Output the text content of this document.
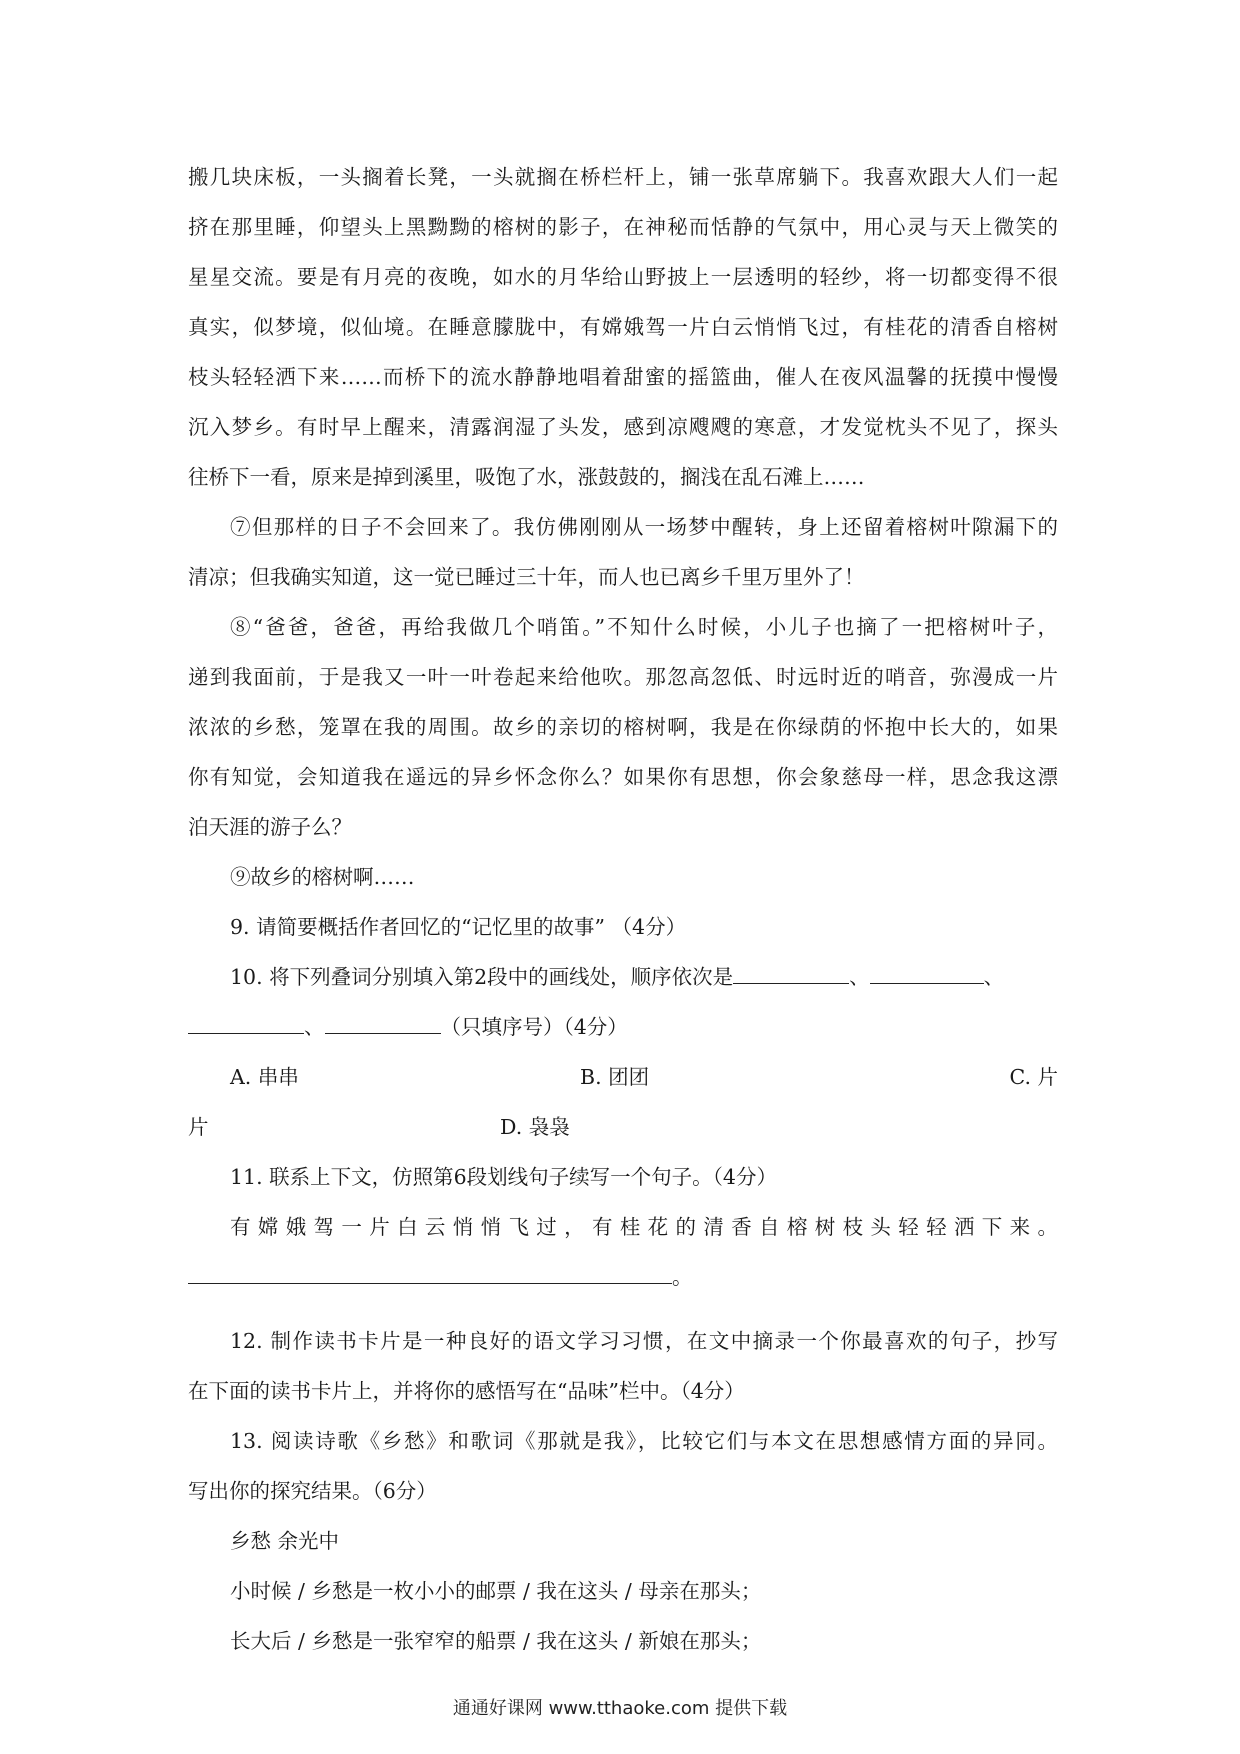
搬几块床板，一头搁着长凳，一头就搁在桥栏杆上，铺一张草席躺下。我喜欢跟大人们一起
挤在那里睡，仰望头上黑黝黝的榕树的影子，在神秘而恬静的气氛中，用心灵与天上微笑的
星星交流。要是有月亮的夜晚，如水的月华给山野披上一层透明的轻纱，将一切都变得不很
真实，似梦境，似仙境。在睡意朦胧中，有嫦娥驾一片白云悄悄飞过，有桂花的清香自榕树
枝头轻轻洒下来……而桥下的流水静静地唱着甜蜜的摇篮曲，催人在夜风温馨的抚摸中慢慢
沉入梦乡。有时早上醒来，清露润湿了头发，感到凉飕飕的寒意，才发觉枕头不见了，探头
往桥下一看，原来是掉到溪里，吸饱了水，涨鼓鼓的，搁浅在乱石滩上……
⑦但那样的日子不会回来了。我仿佛刚刚从一场梦中醒转，身上还留着榕树叶隙漏下的
清凉；但我确实知道，这一觉已睡过三十年，而人也已离乡千里万里外了！
⑧“爸爸，爸爸，再给我做几个哨笛。”不知什么时候，小儿子也摘了一把榕树叶子，
递到我面前，于是我又一叶一叶卷起来给他吹。那忽高忽低、时远时近的哨音，弥漫成一片
浓浓的乡愁，笼罩在我的周围。故乡的亲切的榕树啊，我是在你绿荫的怀抱中长大的，如果
你有知觉，会知道我在遥远的异乡怀念你么？如果你有思想，你会象慈母一样，思念我这漂
泊天涯的游子么？
⑨故乡的榕树啊……
9. 请简要概括作者回忆的“记忆里的故事” （4分）
10. 将下列叠词分别填入第2段中的画线处，顺序依次是	、	、
、	（只填序号）（4分）
A. 串串	B. 团团	C. 片
片	D. 袅袅
11. 联系上下文，仿照第6段划线句子续写一个句子。（4分）
有嫦娥驾一片白云悄悄飞过，有桂花的清香自榕树枝头轻轻洒下来。
。
12. 制作读书卡片是一种良好的语文学习习惯，在文中摘录一个你最喜欢的句子，抄写
在下面的读书卡片上，并将你的感悟写在“品味”栏中。（4分）
13. 阅读诗歌《乡愁》和歌词《那就是我》，比较它们与本文在思想感情方面的异同。
写出你的探究结果。（6分）
乡愁 余光中
小时候 / 乡愁是一枚小小的邮票 / 我在这头 / 母亲在那头；
长大后 / 乡愁是一张窄窄的船票 / 我在这头 / 新娘在那头；
通通好课网 www.tthaoke.com 提供下载
